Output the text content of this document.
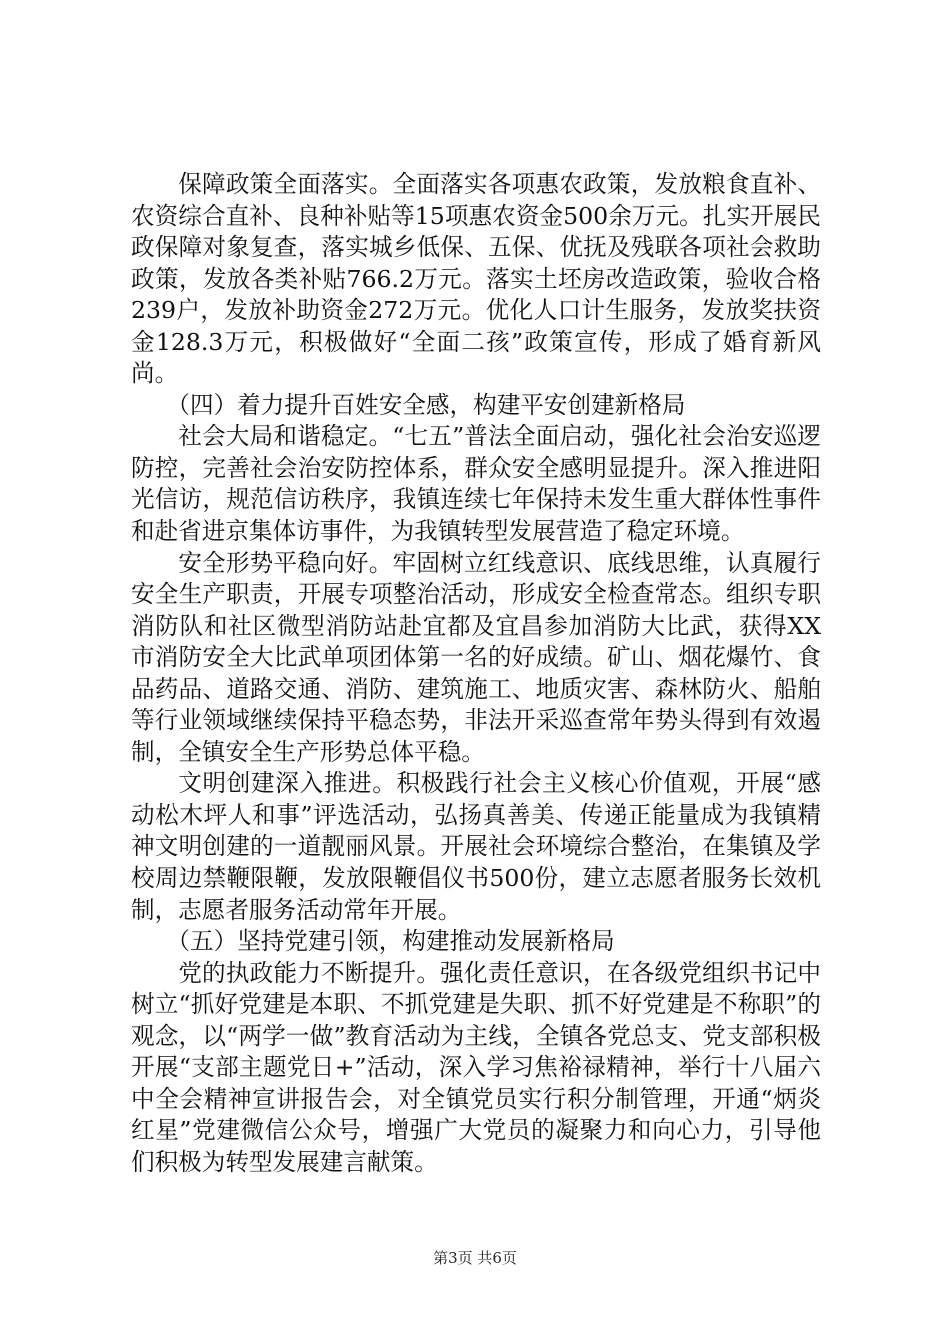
保障政策全面落实。全面落实各项惠农政策，发放粮食直补、农资综合直补、良种补贴等15项惠农资金500余万元。扎实开展民政保障对象复查，落实城乡低保、五保、优抚及残联各项社会救助政策，发放各类补贴766.2万元。落实土坯房改造政策，验收合格239户，发放补助资金272万元。优化人口计生服务，发放奖扶资金128.3万元，积极做好“全面二孩”政策宣传，形成了婚育新风尚。

（四）着力提升百姓安全感，构建平安创建新格局

社会大局和谐稳定。“七五”普法全面启动，强化社会治安巡逻防控，完善社会治安防控体系，群众安全感明显提升。深入推进阳光信访，规范信访秩序，我镇连续七年保持未发生重大群体性事件和赴省进京集体访事件，为我镇转型发展营造了稳定环境。

安全形势平稳向好。牢固树立红线意识、底线思维，认真履行安全生产职责，开展专项整治活动，形成安全检查常态。组织专职消防队和社区微型消防站赴宜都及宜昌参加消防大比武，获得XX市消防安全大比武单项团体第一名的好成绩。矿山、烟花爆竹、食品药品、道路交通、消防、建筑施工、地质灾害、森林防火、船舶等行业领域继续保持平稳态势，非法开采巡查常年势头得到有效遏制，全镇安全生产形势总体平稳。

文明创建深入推进。积极践行社会主义核心价值观，开展“感动松木坪人和事”评选活动，弘扬真善美、传递正能量成为我镇精神文明创建的一道靓丽风景。开展社会环境综合整治，在集镇及学校周边禁鞭限鞭，发放限鞭倡仪书500份，建立志愿者服务长效机制，志愿者服务活动常年开展。

（五）坚持党建引领，构建推动发展新格局

党的执政能力不断提升。强化责任意识，在各级党组织书记中树立“抓好党建是本职、不抓党建是失职、抓不好党建是不称职”的观念，以“两学一做”教育活动为主线，全镇各党总支、党支部积极开展“支部主题党日+”活动，深入学习焦裕禄精神，举行十八届六中全会精神宣讲报告会，对全镇党员实行积分制管理，开通“炳炎红星”党建微信公众号，增强广大党员的凝聚力和向心力，引导他们积极为转型发展建言献策。

第3页 共6页
